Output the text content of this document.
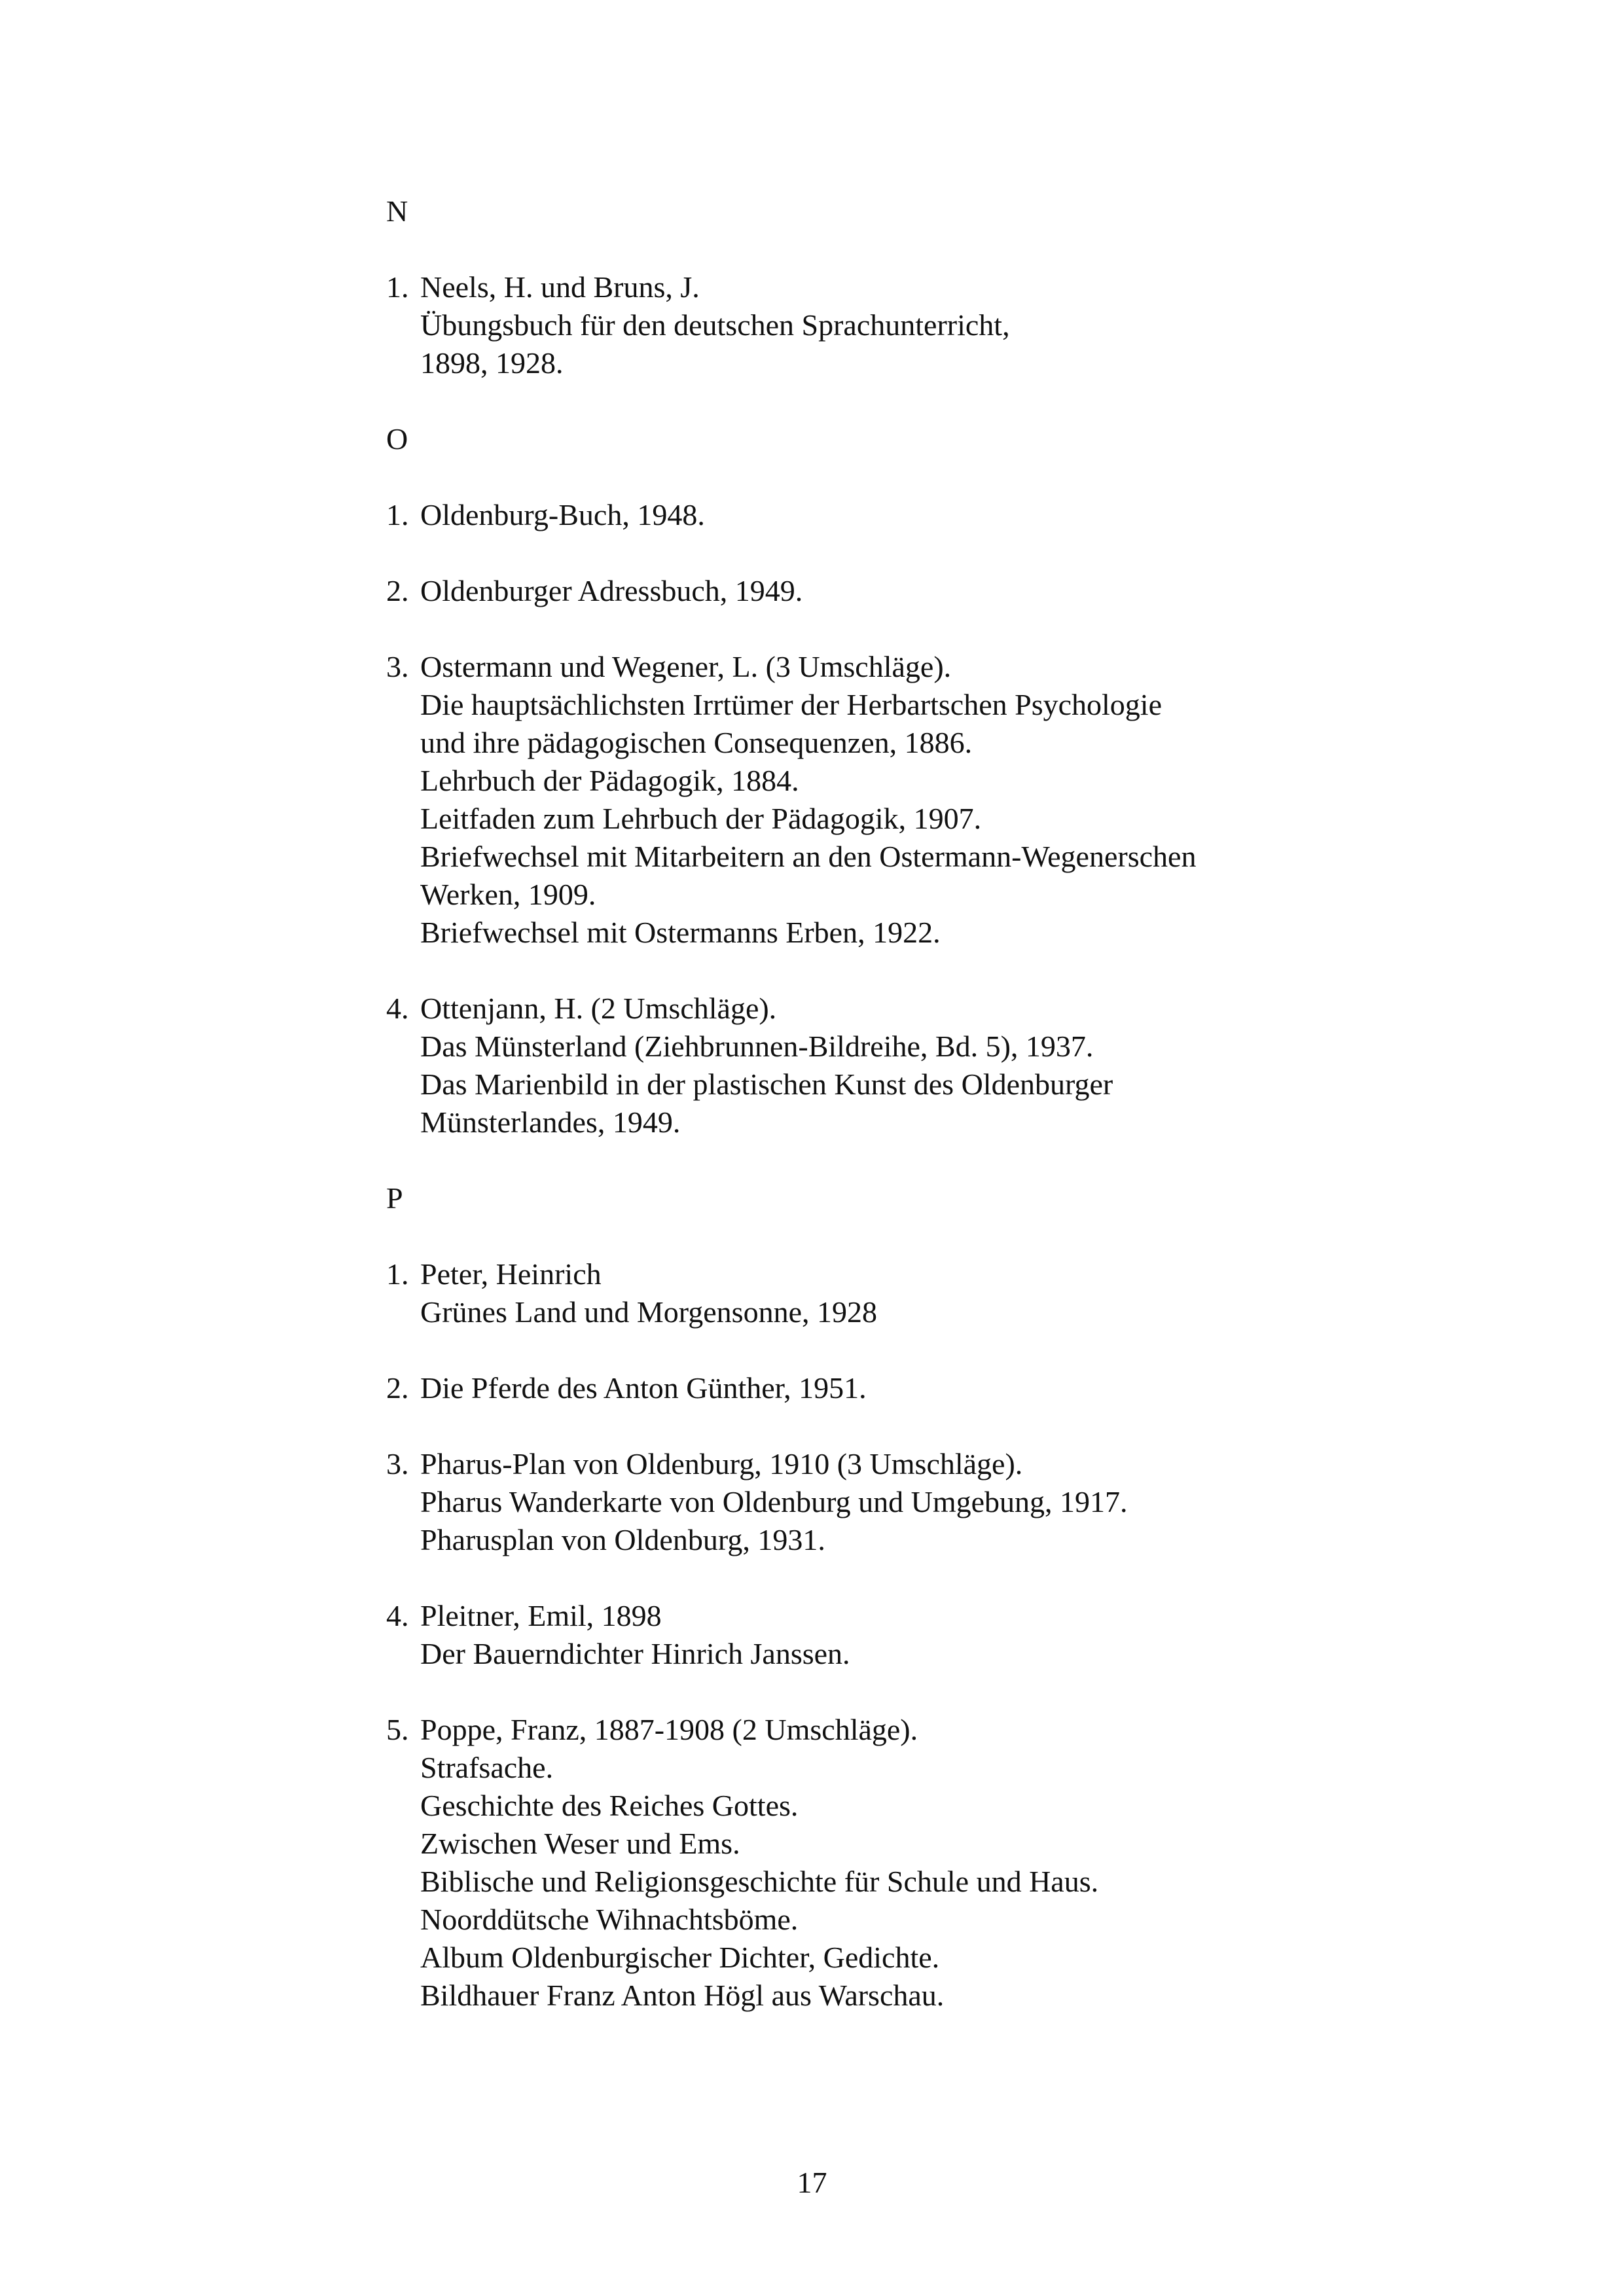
N
1. Neels, H. und Bruns, J.
Übungsbuch für den deutschen Sprachunterricht,
1898, 1928.
O
1. Oldenburg-Buch, 1948.
2. Oldenburger Adressbuch, 1949.
3. Ostermann und Wegener, L. (3 Umschläge).
Die hauptsächlichsten Irrtümer der Herbartschen Psychologie
und ihre pädagogischen Consequenzen, 1886.
Lehrbuch der Pädagogik, 1884.
Leitfaden zum Lehrbuch der Pädagogik, 1907.
Briefwechsel mit Mitarbeitern an den Ostermann-Wegenerschen
Werken, 1909.
Briefwechsel mit Ostermanns Erben, 1922.
4. Ottenjann, H. (2 Umschläge).
Das Münsterland (Ziehbrunnen-Bildreihe, Bd. 5), 1937.
Das Marienbild in der plastischen Kunst des Oldenburger
Münsterlandes, 1949.
P
1. Peter, Heinrich
Grünes Land und Morgensonne, 1928
2. Die Pferde des Anton Günther, 1951.
3. Pharus-Plan von Oldenburg, 1910 (3 Umschläge).
Pharus Wanderkarte von Oldenburg und Umgebung, 1917.
Pharusplan von Oldenburg, 1931.
4. Pleitner, Emil, 1898
Der Bauerndichter Hinrich Janssen.
5. Poppe, Franz, 1887-1908 (2 Umschläge).
Strafsache.
Geschichte des Reiches Gottes.
Zwischen Weser und Ems.
Biblische und Religionsgeschichte für Schule und Haus.
Noorddütsche Wihnachtsböme.
Album Oldenburgischer Dichter, Gedichte.
Bildhauer Franz Anton Högl aus Warschau.
17
